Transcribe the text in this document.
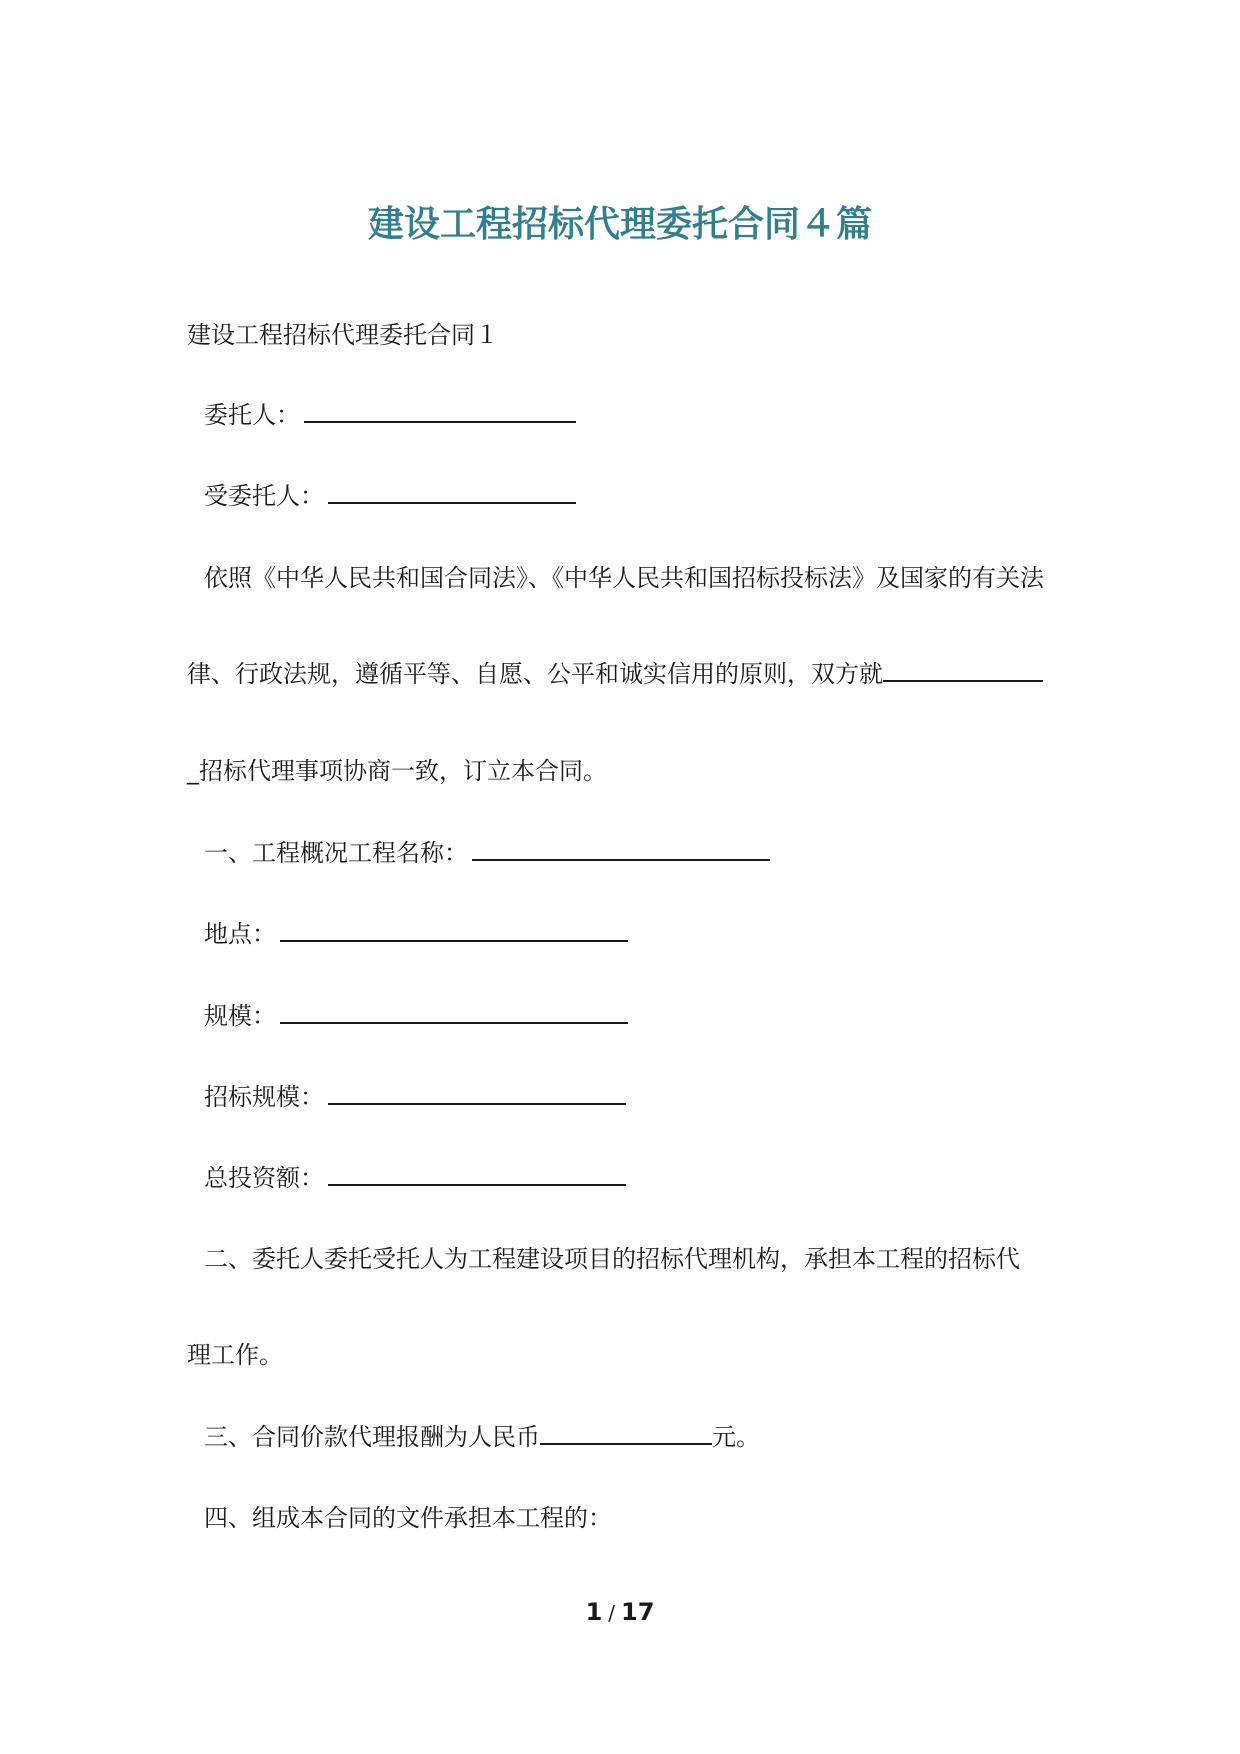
建设工程招标代理委托合同４篇
建设工程招标代理委托合同１
委托人：
受委托人：
依照《中华人民共和国合同法》、《中华人民共和国招标投标法》及国家的有关法
律、行政法规，遵循平等、自愿、公平和诚实信用的原则，双方就
_招标代理事项协商一致，订立本合同。
一、工程概况工程名称：
地点：
规模：
招标规模：
总投资额：
二、委托人委托受托人为工程建设项目的招标代理机构，承担本工程的招标代
理工作。
三、合同价款代理报酬为人民币	元。
四、组成本合同的文件承担本工程的：
1 / 17
